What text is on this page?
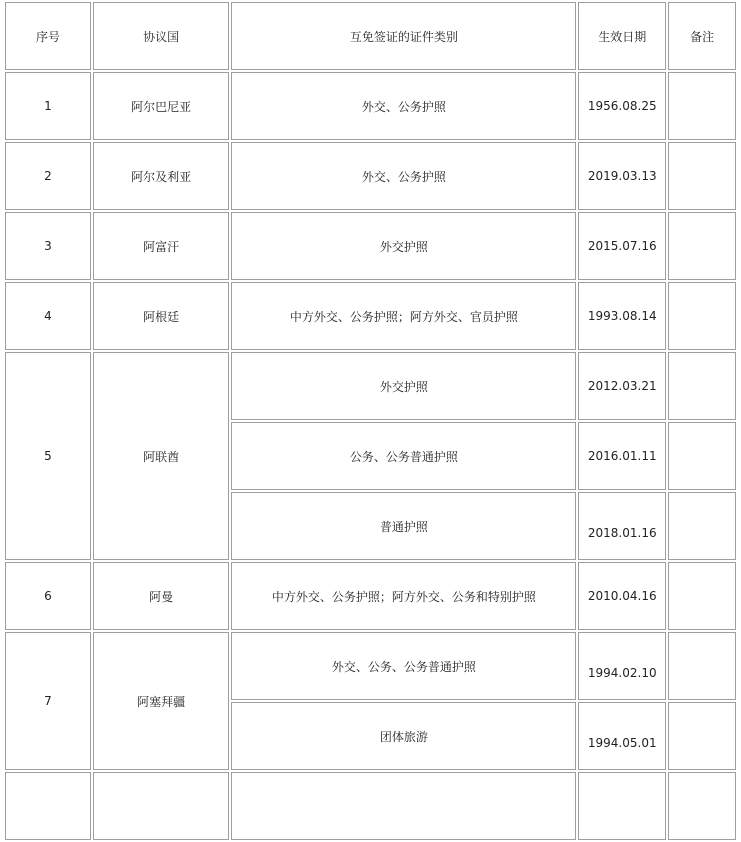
序号	协议国	互免签证的证件类别	生效日期	备注
1	阿尔巴尼亚	外交、公务护照	1956.08.25	
2	阿尔及利亚	外交、公务护照	2019.03.13	
3	阿富汗	外交护照	2015.07.16	
4	阿根廷	中方外交、公务护照；阿方外交、官员护照	1993.08.14	
5	阿联酋	外交护照	2012.03.21	
		公务、公务普通护照	2016.01.11	
		普通护照	2018.01.16	
6	阿曼	中方外交、公务护照；阿方外交、公务和特别护照	2010.04.16	
7	阿塞拜疆	外交、公务、公务普通护照	1994.02.10	
		团体旅游	1994.05.01	
